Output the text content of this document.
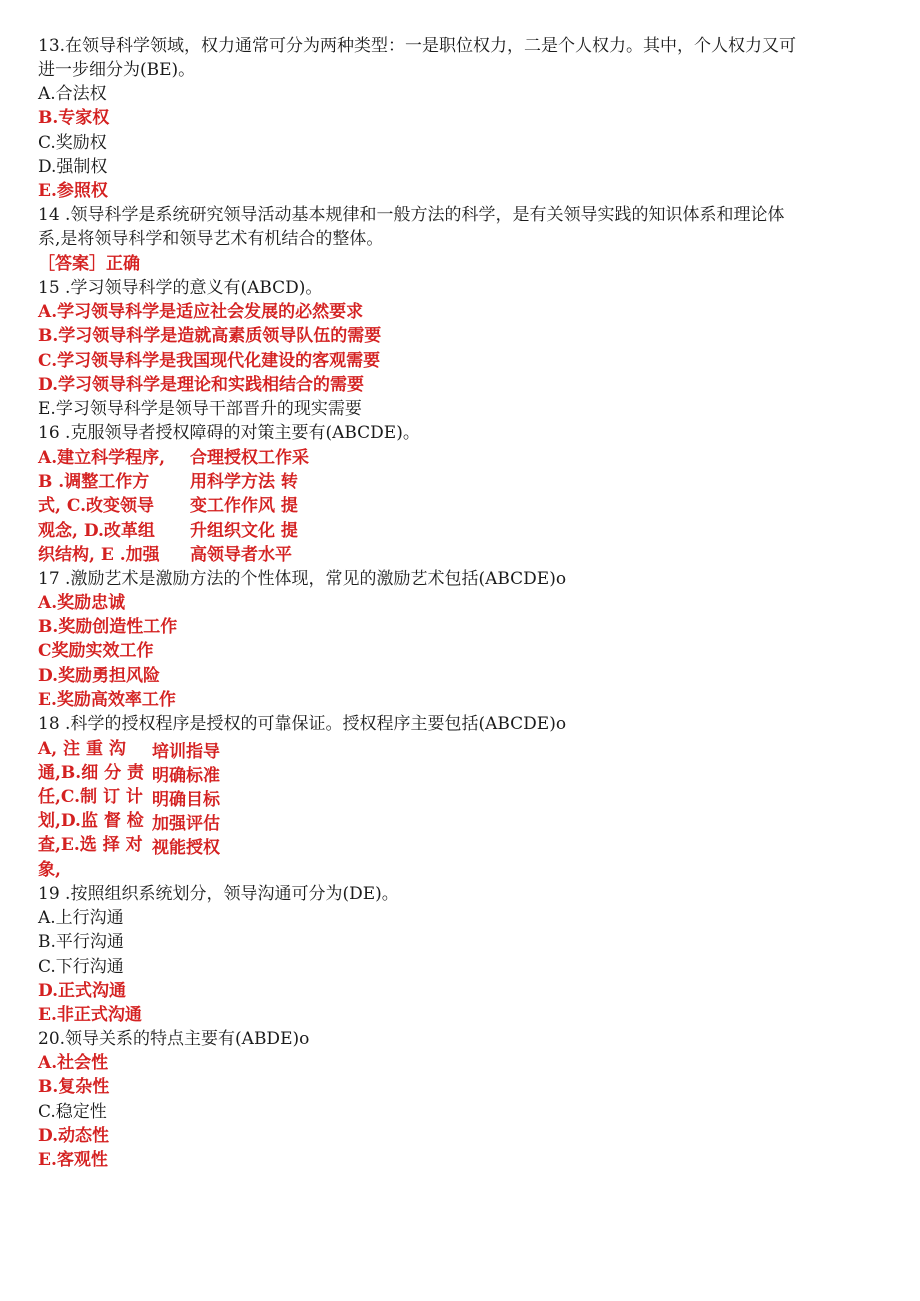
13.在领导科学领域，权力通常可分为两种类型：一是职位权力，二是个人权力。其中，个人权力又可
进一步细分为(BE)。
A.合法权
B.专家权
C.奖励权
D.强制权
E.参照权
14 .领导科学是系统研究领导活动基本规律和一般方法的科学，是有关领导实践的知识体系和理论体
系,是将领导科学和领导艺术有机结合的整体。
［答案］正确
15 .学习领导科学的意义有(ABCD)。
A.学习领导科学是适应社会发展的必然要求
B.学习领导科学是造就高素质领导队伍的需要
C.学习领导科学是我国现代化建设的客观需要
D.学习领导科学是理论和实践相结合的需要
E.学习领导科学是领导干部晋升的现实需要
16 .克服领导者授权障碍的对策主要有(ABCDE)。
A.建立科学程序, 合理授权工作采
B .调整工作方 用科学方法 转
式, C.改变领导 变工作作风 提
观念, D.改革组 升组织文化 提
织结构, E .加强 高领导者水平
17 .激励艺术是激励方法的个性体现，常见的激励艺术包括(ABCDE)o
A.奖励忠诚
B.奖励创造性工作
C奖励实效工作
D.奖励勇担风险
E.奖励高效率工作
18 .科学的授权程序是授权的可靠保证。授权程序主要包括(ABCDE)o
A, 注 重 沟 培训指导
通,B.细 分 责 明确标准
任,C.制 订 计 明确目标
划,D.监 督 检 加强评估
查,E.选 择 对 视能授权
象,
19 .按照组织系统划分，领导沟通可分为(DE)。
A.上行沟通
B.平行沟通
C.下行沟通
D.正式沟通
E.非正式沟通
20.领导关系的特点主要有(ABDE)o
A.社会性
B.复杂性
C.稳定性
D.动态性
E.客观性
